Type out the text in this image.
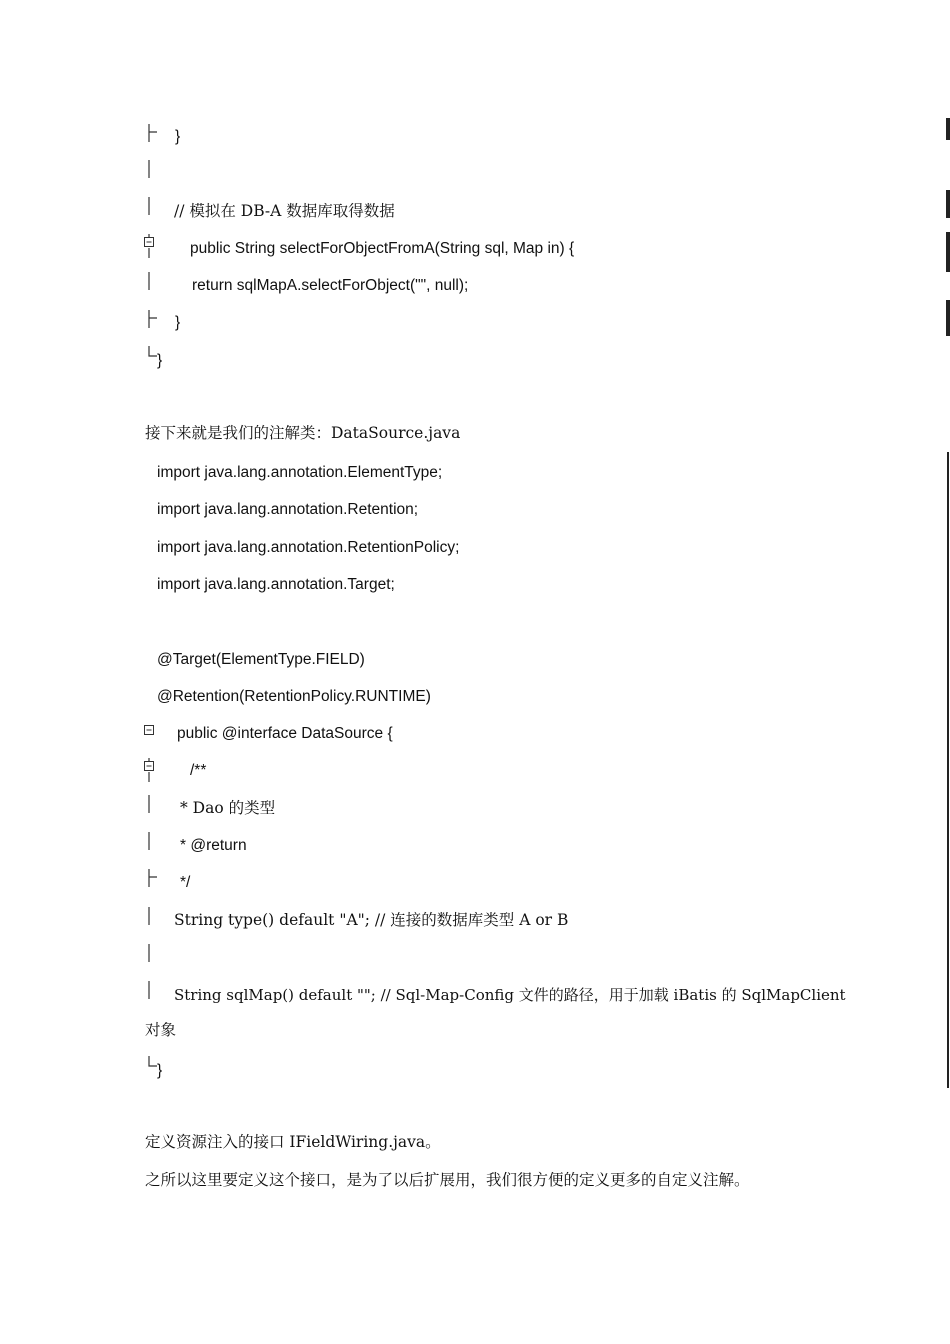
}
// 模拟在 DB-A 数据库取得数据
public String selectForObjectFromA(String sql, Map in) {
return sqlMapA.selectForObject("", null);
}
}
接下来就是我们的注解类：DataSource.java
import java.lang.annotation.ElementType;
import java.lang.annotation.Retention;
import java.lang.annotation.RetentionPolicy;
import java.lang.annotation.Target;
@Target(ElementType.FIELD)
@Retention(RetentionPolicy.RUNTIME)
public @interface DataSource {
/**
* Dao 的类型
* @return
*/
String type() default "A"; // 连接的数据库类型 A or B
String sqlMap() default ""; // Sql-Map-Config 文件的路径，用于加载 iBatis 的 SqlMapClient
对象
}
定义资源注入的接口 IFieldWiring.java。
之所以这里要定义这个接口，是为了以后扩展用，我们很方便的定义更多的自定义注解。
